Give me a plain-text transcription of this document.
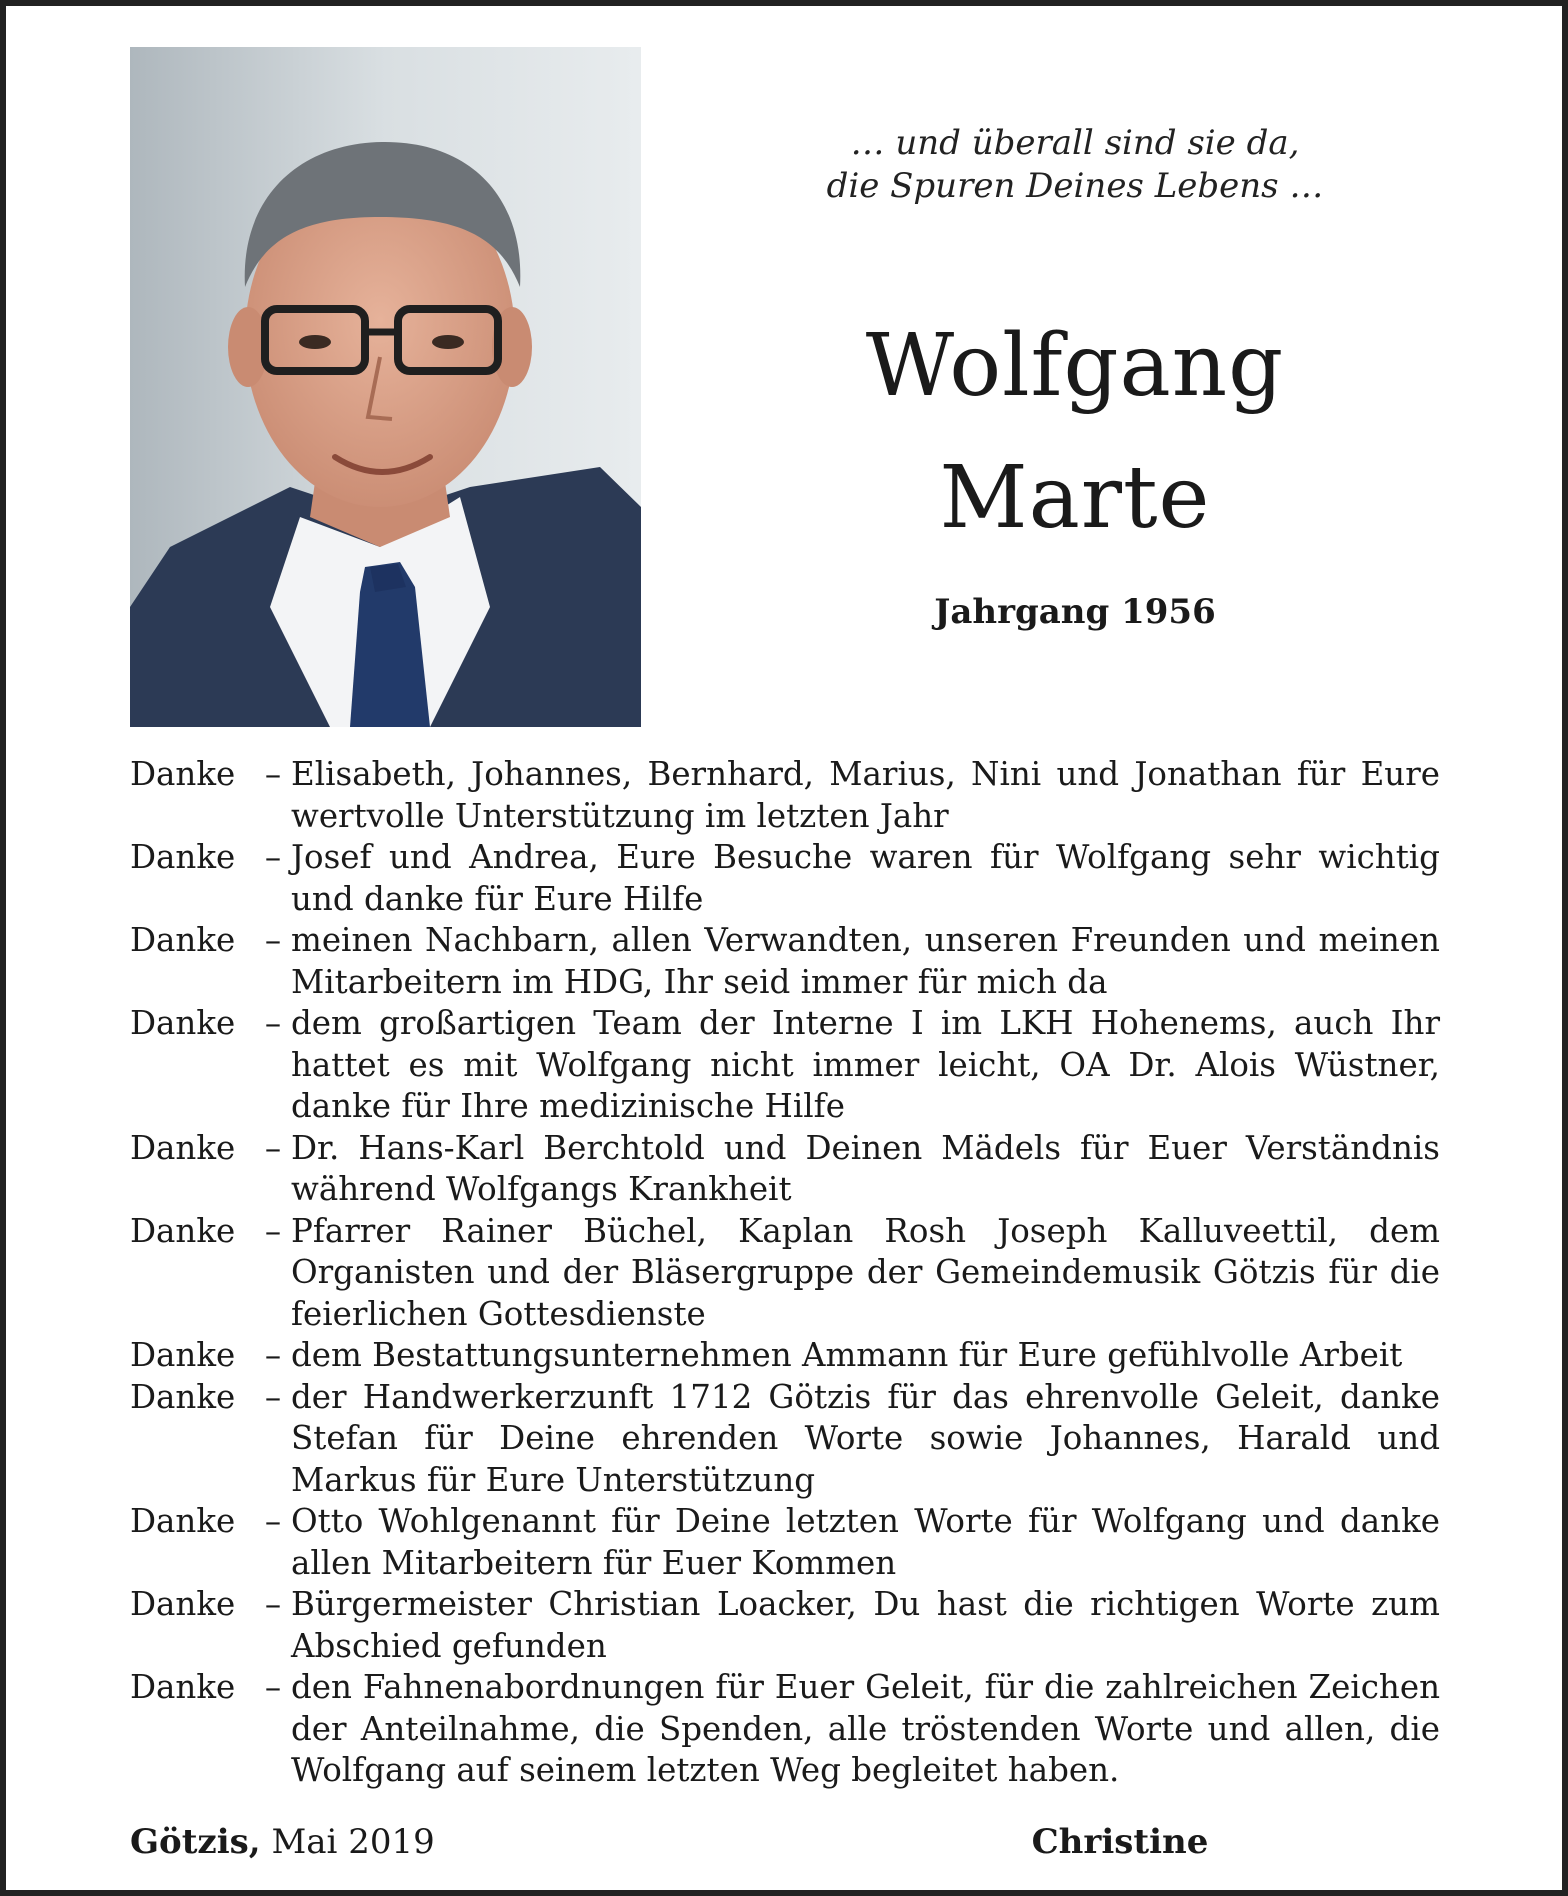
… und überall sind sie da,
die Spuren Deines Lebens …
Wolfgang
Marte
Jahrgang 1956
Danke – Elisabeth, Johannes, Bernhard, Marius, Nini und Jonathan für Eure wertvolle Unterstützung im letzten Jahr
Danke – Josef und Andrea, Eure Besuche waren für Wolfgang sehr wichtig und danke für Eure Hilfe
Danke – meinen Nachbarn, allen Verwandten, unseren Freunden und meinen Mitarbeitern im HDG, Ihr seid immer für mich da
Danke – dem großartigen Team der Interne I im LKH Hohenems, auch Ihr hattet es mit Wolfgang nicht immer leicht, OA Dr. Alois Wüstner, danke für Ihre medizinische Hilfe
Danke – Dr. Hans-Karl Berchtold und Deinen Mädels für Euer Verständnis während Wolfgangs Krankheit
Danke – Pfarrer Rainer Büchel, Kaplan Rosh Joseph Kalluveettil, dem Organisten und der Bläsergruppe der Gemeindemusik Götzis für die feierlichen Gottesdienste
Danke – dem Bestattungsunternehmen Ammann für Eure gefühlvolle Arbeit
Danke – der Handwerkerzunft 1712 Götzis für das ehrenvolle Geleit, danke Stefan für Deine ehrenden Worte sowie Johannes, Harald und Markus für Eure Unterstützung
Danke – Otto Wohlgenannt für Deine letzten Worte für Wolfgang und danke allen Mitarbeitern für Euer Kommen
Danke – Bürgermeister Christian Loacker, Du hast die richtigen Worte zum Abschied gefunden
Danke – den Fahnenabordnungen für Euer Geleit, für die zahlreichen Zeichen der Anteilnahme, die Spenden, alle tröstenden Worte und allen, die Wolfgang auf seinem letzten Weg begleitet haben.
Götzis, Mai 2019	Christine
